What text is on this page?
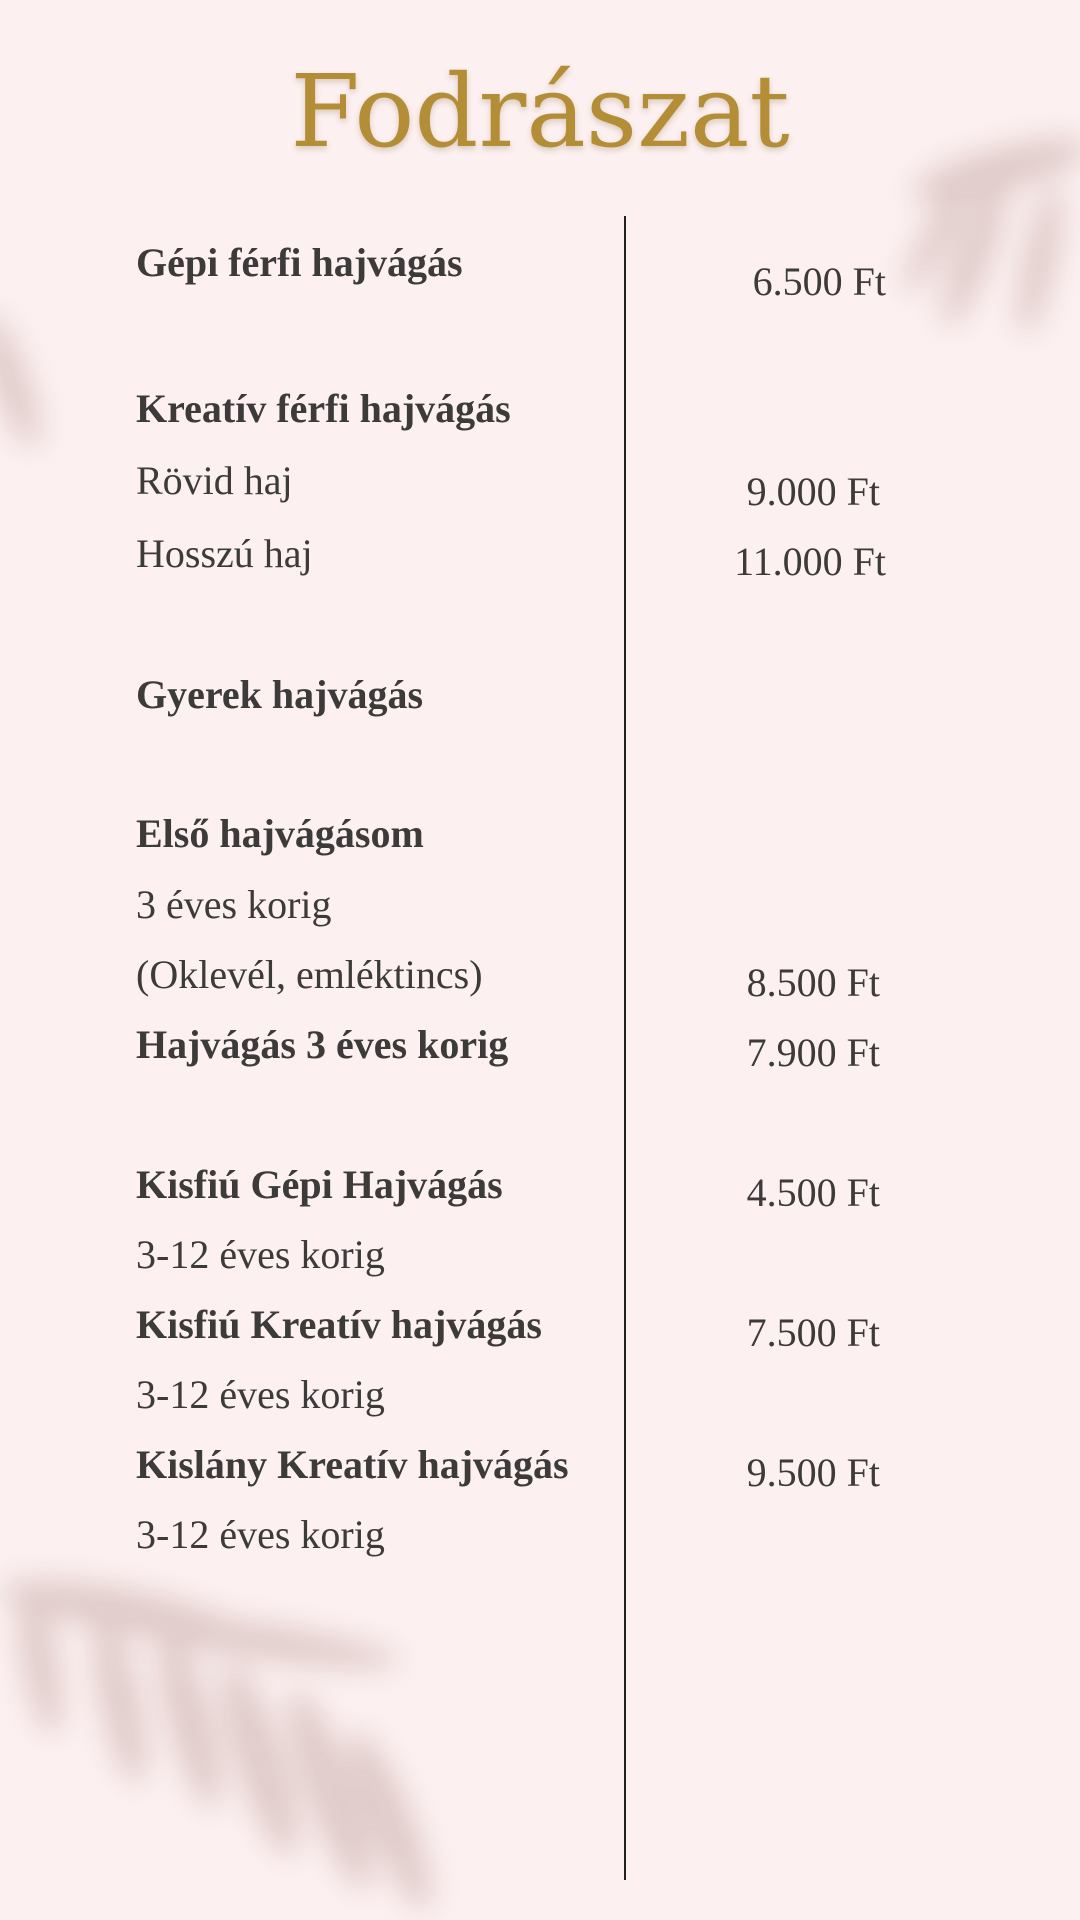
Fodrászat
Gépi férfi hajvágás
Kreatív férfi hajvágás
Rövid haj
Hosszú haj
Gyerek hajvágás
Első hajvágásom
3 éves korig
(Oklevél, emléktincs)
Hajvágás 3 éves korig
Kisfiú Gépi Hajvágás
3-12 éves korig
Kisfiú Kreatív hajvágás
3-12 éves korig
Kislány Kreatív hajvágás
3-12 éves korig
6.500 Ft
9.000 Ft
11.000 Ft
8.500 Ft
7.900 Ft
4.500 Ft
7.500 Ft
9.500 Ft
